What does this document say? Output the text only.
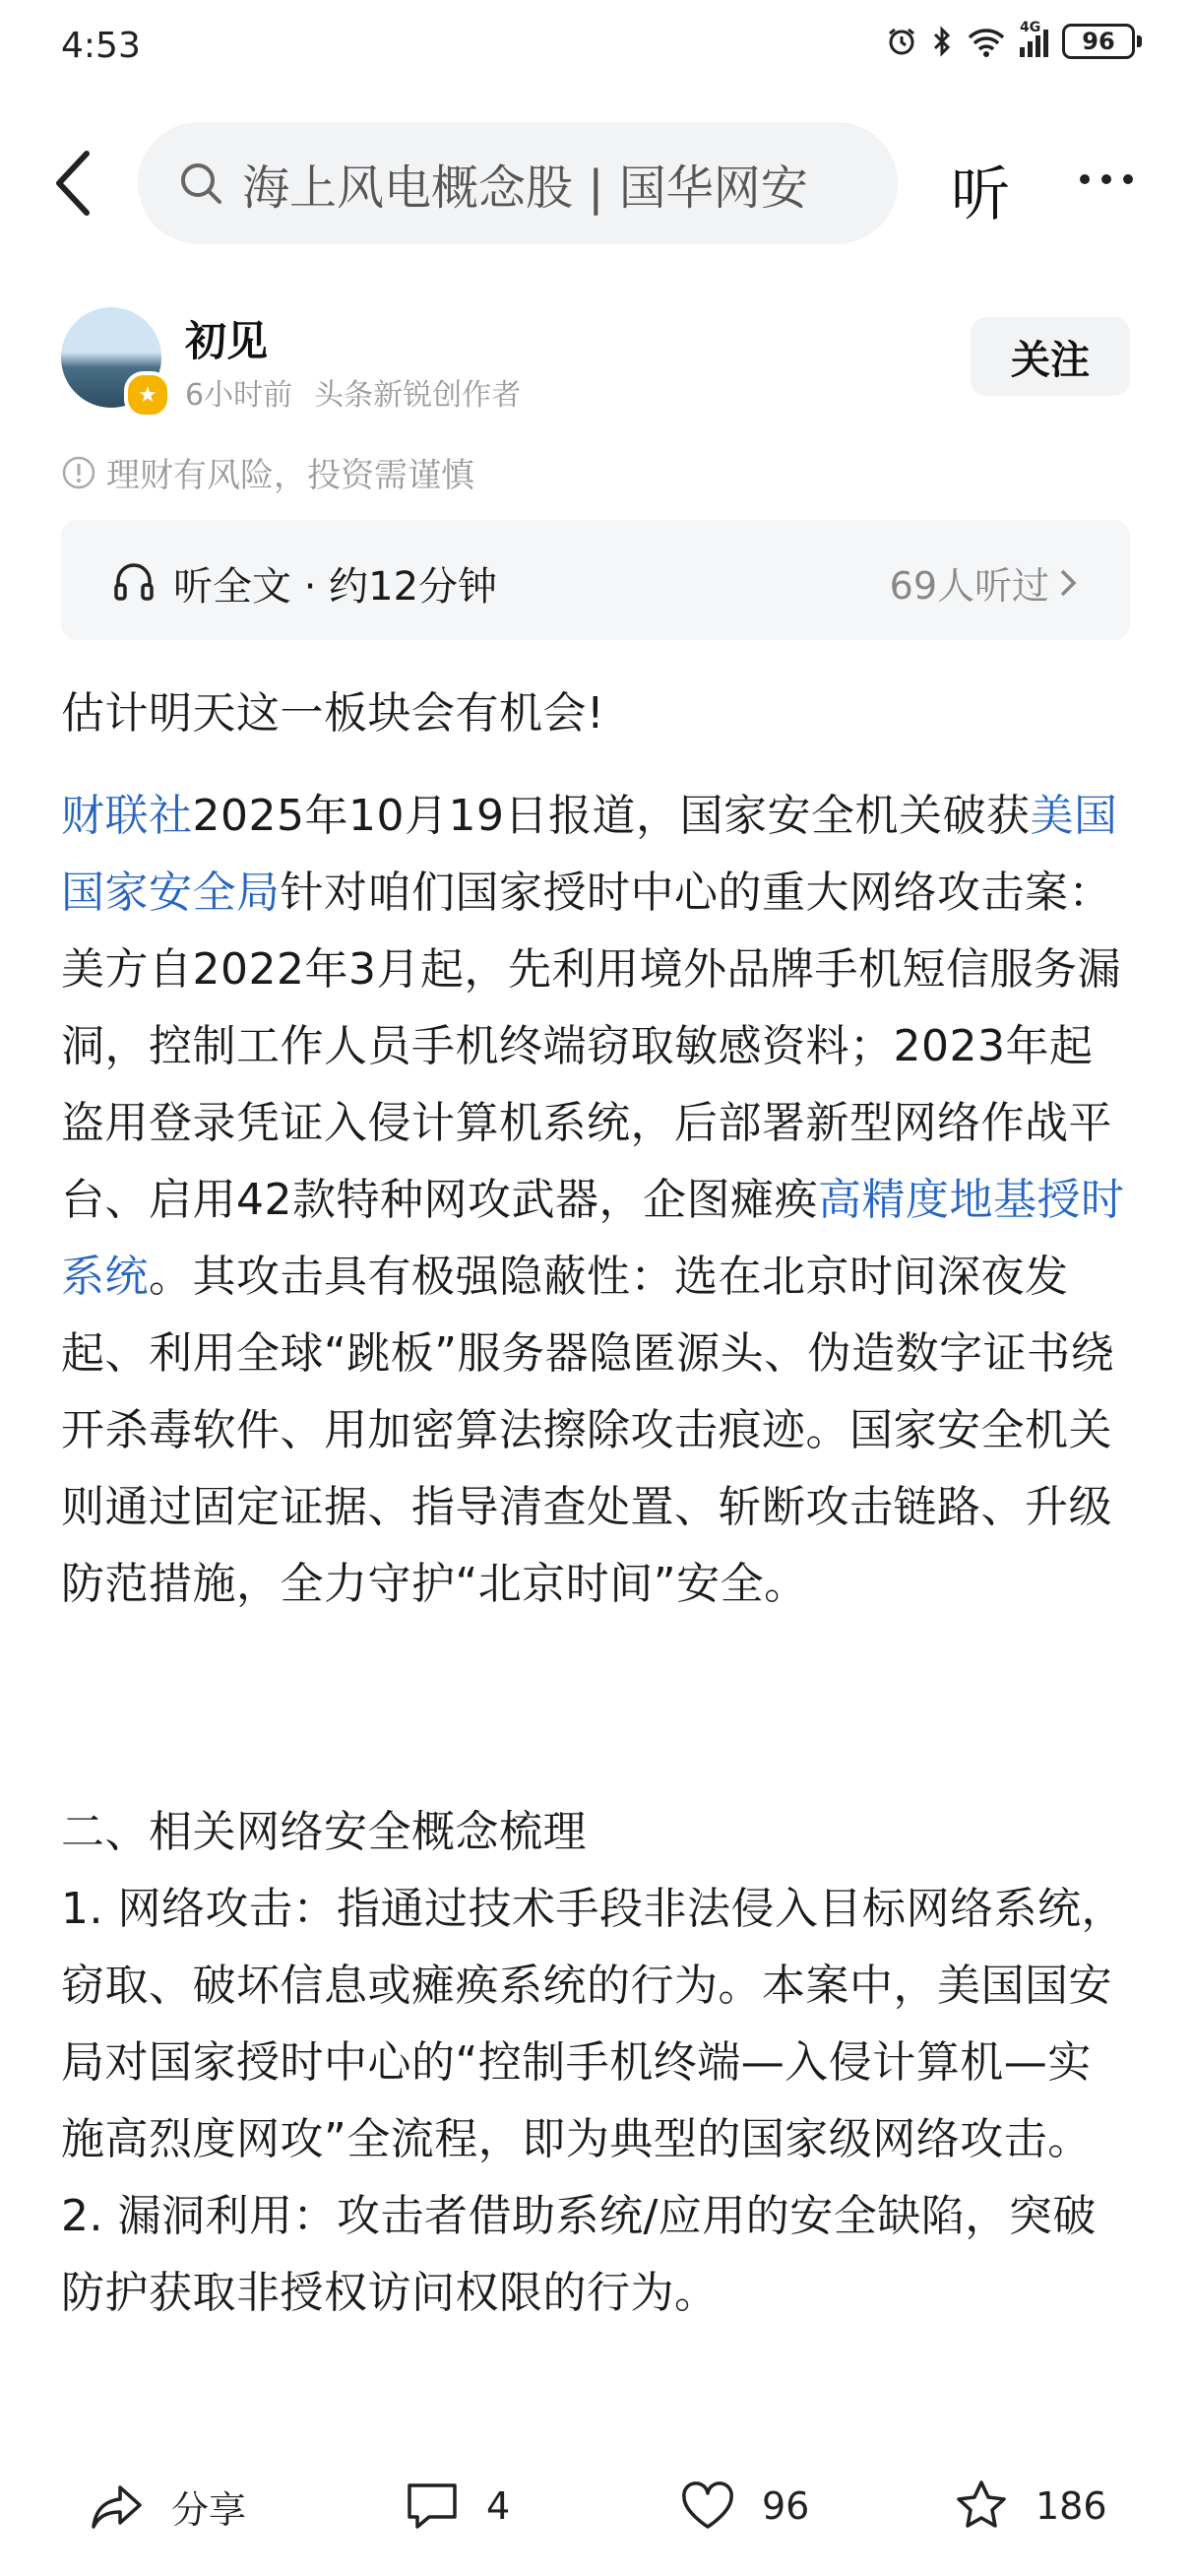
4:53	4G	96
海上风电概念股 | 国华网安 听
★
初见
6小时前 头条新锐创作者
关注
理财有风险，投资需谨慎
听全文 · 约12分钟	69人听过

估计明天这一板块会有机会!

财联社2025年10月19日报道，国家安全机关破获美国国家安全局针对咱们国家授时中心的重大网络攻击案：美方自2022年3月起，先利用境外品牌手机短信服务漏洞，控制工作人员手机终端窃取敏感资料；2023年起盗用登录凭证入侵计算机系统，后部署新型网络作战平台、启用42款特种网攻武器，企图瘫痪高精度地基授时系统。其攻击具有极强隐蔽性：选在北京时间深夜发起、利用全球“跳板”服务器隐匿源头、伪造数字证书绕开杀毒软件、用加密算法擦除攻击痕迹。国家安全机关则通过固定证据、指导清查处置、斩断攻击链路、升级防范措施，全力守护“北京时间”安全。

二、相关网络安全概念梳理

1. 网络攻击：指通过技术手段非法侵入目标网络系统，窃取、破坏信息或瘫痪系统的行为。本案中，美国国安局对国家授时中心的“控制手机终端—入侵计算机—实施高烈度网攻”全流程，即为典型的国家级网络攻击。

2. 漏洞利用：攻击者借助系统/应用的安全缺陷，突破防护获取非授权访问权限的行为。

分享	4	96	186
